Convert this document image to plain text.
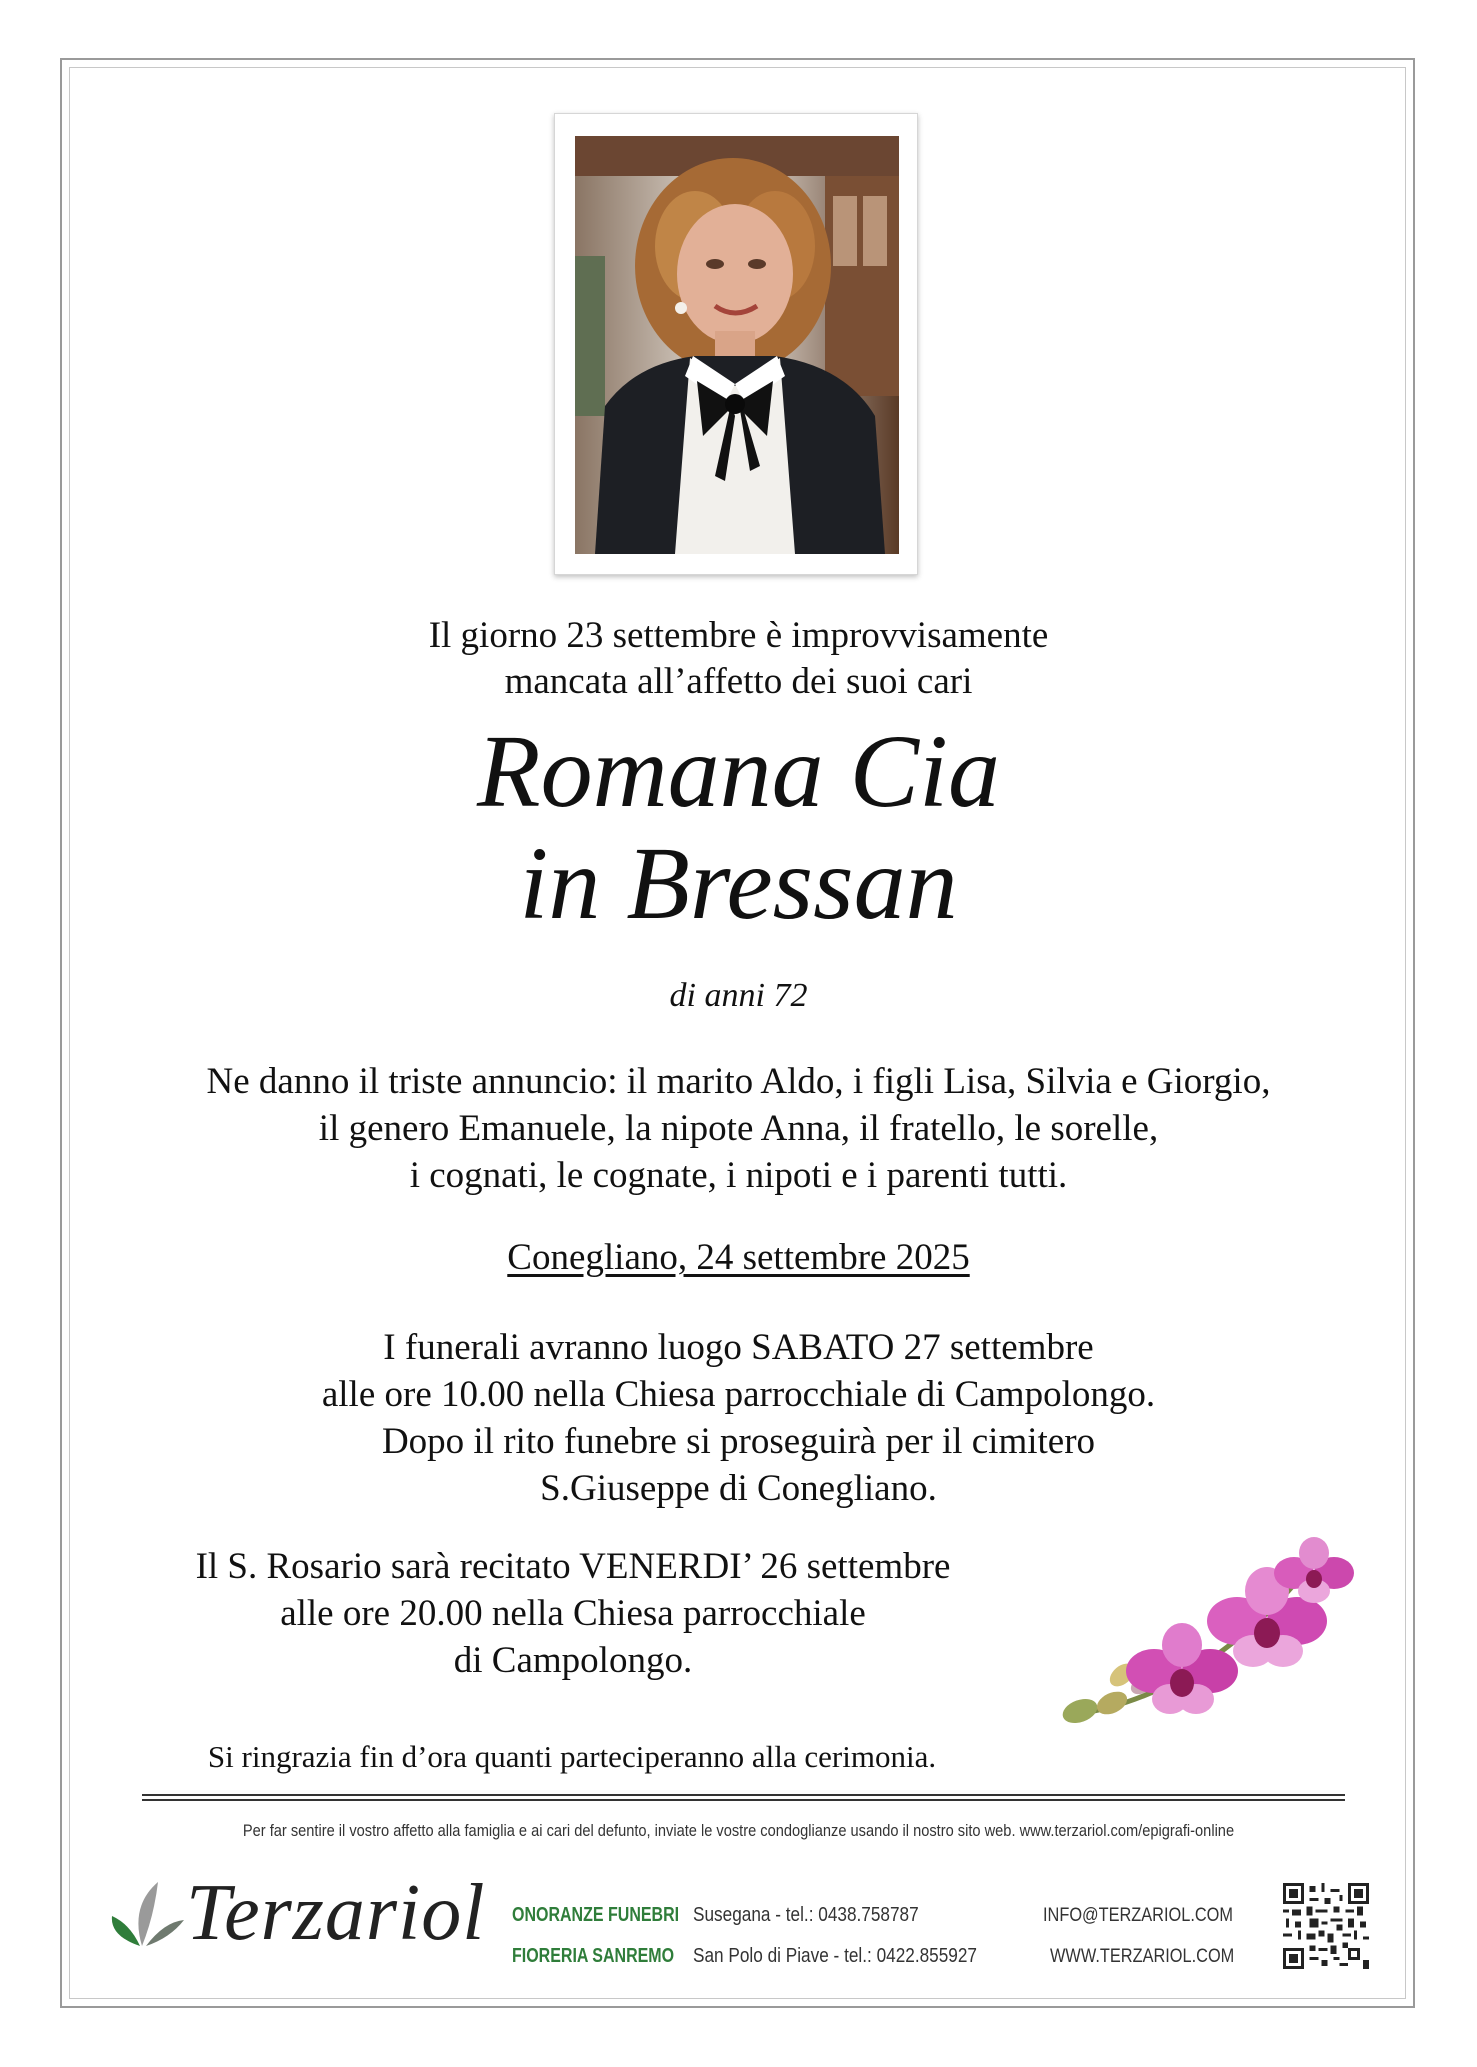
Il giorno 23 settembre è improvvisamente
mancata all’affetto dei suoi cari
Romana Cia
in Bressan
di anni 72
Ne danno il triste annuncio: il marito Aldo, i figli Lisa, Silvia e Giorgio,
il genero Emanuele, la nipote Anna, il fratello, le sorelle,
i cognati, le cognate, i nipoti e i parenti tutti.
Conegliano, 24 settembre 2025
I funerali avranno luogo SABATO 27 settembre
alle ore 10.00 nella Chiesa parrocchiale di Campolongo.
Dopo il rito funebre si proseguirà per il cimitero
S.Giuseppe di Conegliano.
Il S. Rosario sarà recitato VENERDI’ 26 settembre
alle ore 20.00 nella Chiesa parrocchiale
di Campolongo.
Si ringrazia fin d’ora quanti parteciperanno alla cerimonia.
Per far sentire il vostro affetto alla famiglia e ai cari del defunto, inviate le vostre condoglianze usando il nostro sito web. www.terzariol.com/epigrafi-online
Terzariol ONORANZE FUNEBRI Susegana - tel.: 0438.758787	INFO@TERZARIOL.COM
FIORERIA SANREMO San Polo di Piave - tel.: 0422.855927	WWW.TERZARIOL.COM
